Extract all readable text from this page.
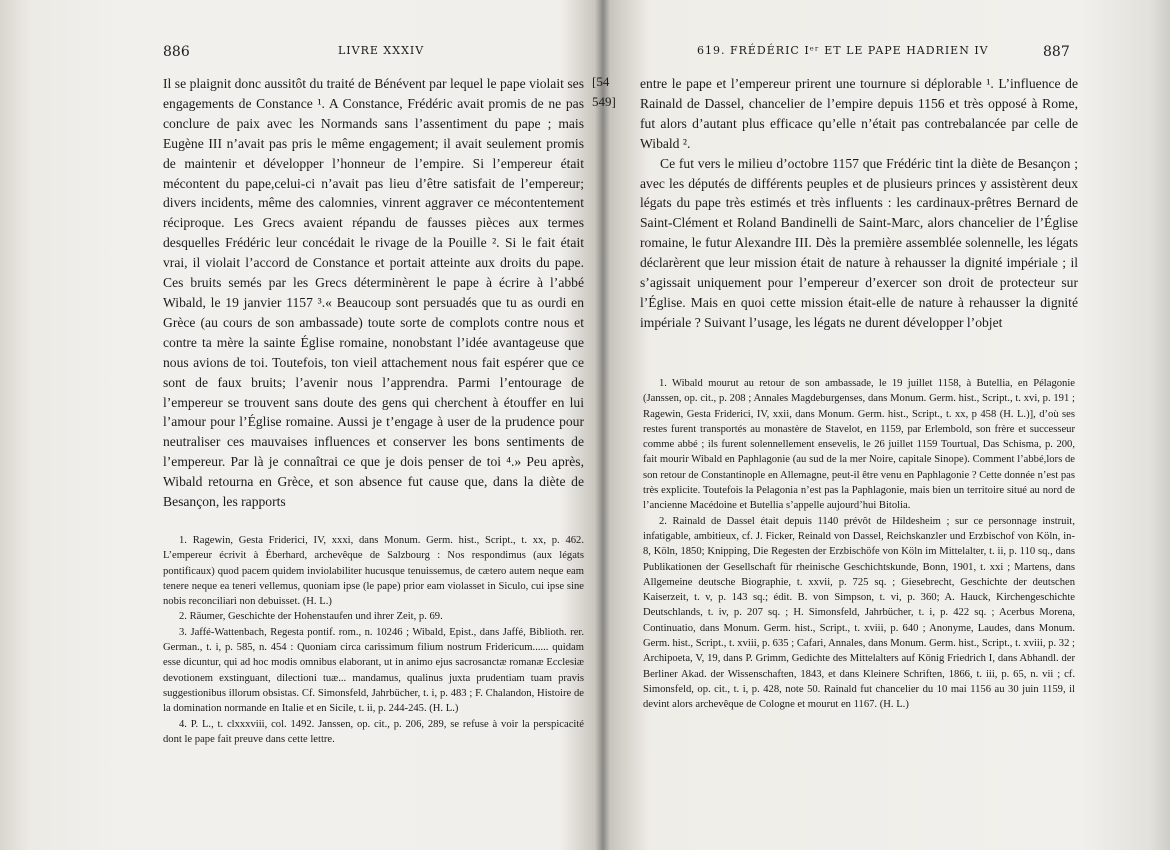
886	LIVRE XXXIV

Il se plaignit donc aussitôt du traité de Bénévent par lequel le pape violait ses engagements de Constance ¹. A Constance, Frédéric avait promis de ne pas conclure de paix avec les Normands sans l’assentiment du pape ; mais Eugène III n’avait pas pris le même engagement; il avait seulement promis de maintenir et développer l’honneur de l’empire. Si l’empereur était mécontent du pape,celui-ci n’avait pas lieu d’être satisfait de l’empereur; divers incidents, même des calomnies, vinrent aggraver ce mécontentement réciproque. Les Grecs avaient répandu de fausses pièces aux termes desquelles Frédéric leur concédait le rivage de la Pouille ². Si le fait était vrai, il violait l’accord de Constance et portait atteinte aux droits du pape. Ces bruits semés par les Grecs déterminèrent le pape à écrire à l’abbé Wibald, le 19 janvier 1157 ³.« Beaucoup sont persuadés que tu as ourdi en Grèce (au cours de son ambassade) toute sorte de complots contre nous et contre ta mère la sainte Église romaine, nonobstant l’idée avantageuse que nous avions de toi. Toutefois, ton vieil attachement nous fait espérer que ce sont de faux bruits; l’avenir nous l’apprendra. Parmi l’entourage de l’empereur se trouvent sans doute des gens qui cherchent à étouffer en lui l’amour pour l’Église romaine. Aussi je t’engage à user de la prudence pour neutraliser ces mauvaises influences et conserver les bons sentiments de l’empereur. Par là je connaîtrai ce que je dois penser de toi ⁴.» Peu après, Wibald retourna en Grèce, et son absence fut cause que, dans la diète de Besançon, les rapports

1. Ragewin, Gesta Friderici, IV, xxxi, dans Monum. Germ. hist., Script., t. xx, p. 462. L’empereur écrivit à Éberhard, archevêque de Salzbourg : Nos respondimus (aux légats pontificaux) quod pacem quidem inviolabiliter hucusque tenuissemus, de cætero autem neque eam tenere neque ea teneri vellemus, quoniam ipse (le pape) prior eam violasset in Siculo, cui ipse sine nobis reconciliari non debuisset. (H. L.)

2. Räumer, Geschichte der Hohenstaufen und ihrer Zeit, p. 69.

3. Jaffé-Wattenbach, Regesta pontif. rom., n. 10246 ; Wibald, Epist., dans Jaffé, Biblioth. rer. German., t. i, p. 585, n. 454 : Quoniam circa carissimum filium nostrum Fridericum...... quidam esse dicuntur, qui ad hoc modis omnibus elaborant, ut in animo ejus sacrosanctæ romanæ Ecclesiæ devotionem exstinguant, dilectioni tuæ... mandamus, qualinus juxta prudentiam tuam pravis suggestionibus illorum obsistas. Cf. Simonsfeld, Jahrbücher, t. i, p. 483 ; F. Chalandon, Histoire de la domination normande en Italie et en Sicile, t. ii, p. 244-245. (H. L.)

4. P. L., t. clxxxviii, col. 1492. Janssen, op. cit., p. 206, 289, se refuse à voir la perspicacité dont le pape fait preuve dans cette lettre.

[54
549]
619. FRÉDÉRIC Iᵉʳ ET LE PAPE HADRIEN IV	887

entre le pape et l’empereur prirent une tournure si déplorable ¹. L’influence de Rainald de Dassel, chancelier de l’empire depuis 1156 et très opposé à Rome, fut alors d’autant plus efficace qu’elle n’était pas contrebalancée par celle de Wibald ².

Ce fut vers le milieu d’octobre 1157 que Frédéric tint la diète de Besançon ; avec les députés de différents peuples et de plusieurs princes y assistèrent deux légats du pape très estimés et très influents : les cardinaux-prêtres Bernard de Saint-Clément et Roland Bandinelli de Saint-Marc, alors chancelier de l’Église romaine, le futur Alexandre III. Dès la première assemblée solennelle, les légats déclarèrent que leur mission était de nature à rehausser la dignité impériale ; il s’agissait uniquement pour l’empereur d’exercer son droit de protecteur sur l’Église. Mais en quoi cette mission était-elle de nature à rehausser la dignité impériale ? Suivant l’usage, les légats ne durent développer l’objet

1. Wibald mourut au retour de son ambassade, le 19 juillet 1158, à Butellia, en Pélagonie (Janssen, op. cit., p. 208 ; Annales Magdeburgenses, dans Monum. Germ. hist., Script., t. xvi, p. 191 ; Ragewin, Gesta Friderici, IV, xxii, dans Monum. Germ. hist., Script., t. xx, p 458 (H. L.)], d’où ses restes furent transportés au monastère de Stavelot, en 1159, par Erlembold, son frère et successeur comme abbé ; ils furent solennellement ensevelis, le 26 juillet 1159 Tourtual, Das Schisma, p. 200, fait mourir Wibald en Paphlagonie (au sud de la mer Noire, capitale Sinope). Comment l’abbé,lors de son retour de Constantinople en Allemagne, peut-il être venu en Paphlagonie ? Cette donnée n’est pas très explicite. Toutefois la Pelagonia n’est pas la Paphlagonie, mais bien un territoire situé au nord de l’ancienne Macédoine et Butellia s’appelle aujourd’hui Bitolia.

2. Rainald de Dassel était depuis 1140 prévôt de Hildesheim ; sur ce personnage instruit, infatigable, ambitieux, cf. J. Ficker, Reinald von Dassel, Reichskanzler und Erzbischof von Köln, in-8, Köln, 1850; Knipping, Die Regesten der Erzbischöfe von Köln im Mittelalter, t. ii, p. 110 sq., dans Publikationen der Gesellschaft für rheinische Geschichtskunde, Bonn, 1901, t. xxi ; Martens, dans Allgemeine deutsche Biographie, t. xxvii, p. 725 sq. ; Giesebrecht, Geschichte der deutschen Kaiserzeit, t. v, p. 143 sq.; édit. B. von Simpson, t. vi, p. 360; A. Hauck, Kirchengeschichte Deutschlands, t. iv, p. 207 sq. ; H. Simonsfeld, Jahrbücher, t. i, p. 422 sq. ; Acerbus Morena, Continuatio, dans Monum. Germ. hist., Script., t. xviii, p. 640 ; Anonyme, Laudes, dans Monum. Germ. hist., Script., t. xviii, p. 635 ; Cafari, Annales, dans Monum. Germ. hist., Script., t. xviii, p. 32 ; Archipoeta, V, 19, dans P. Grimm, Gedichte des Mittelalters auf König Friedrich I, dans Abhandl. der Berliner Akad. der Wissenschaften, 1843, et dans Kleinere Schriften, 1866, t. iii, p. 65, n. vii ; cf. Simonsfeld, op. cit., t. i, p. 428, note 50. Rainald fut chancelier du 10 mai 1156 au 30 juin 1159, il devint alors archevêque de Cologne et mourut en 1167. (H. L.)
